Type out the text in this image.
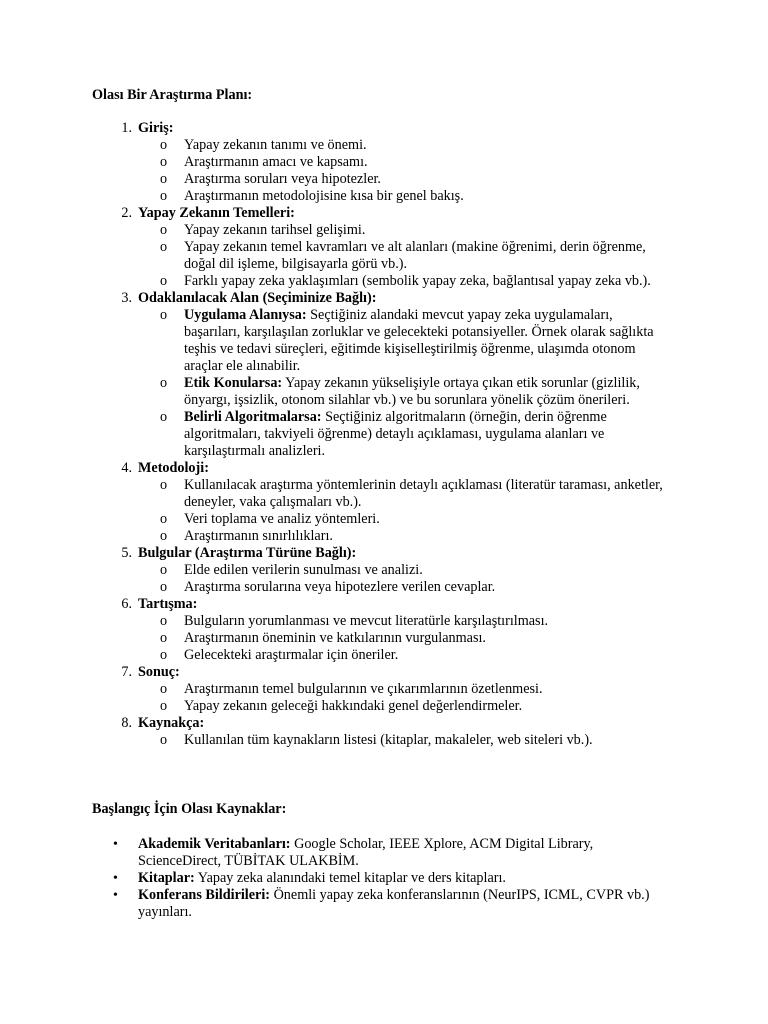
Olası Bir Araştırma Planı:
1. Giriş:
o Yapay zekanın tanımı ve önemi.
o Araştırmanın amacı ve kapsamı.
o Araştırma soruları veya hipotezler.
o Araştırmanın metodolojisine kısa bir genel bakış.
2. Yapay Zekanın Temelleri:
o Yapay zekanın tarihsel gelişimi.
o Yapay zekanın temel kavramları ve alt alanları (makine öğrenimi, derin öğrenme, doğal dil işleme, bilgisayarla görü vb.).
o Farklı yapay zeka yaklaşımları (sembolik yapay zeka, bağlantısal yapay zeka vb.).
3. Odaklanılacak Alan (Seçiminize Bağlı):
o Uygulama Alanıysa: Seçtiğiniz alandaki mevcut yapay zeka uygulamaları, başarıları, karşılaşılan zorluklar ve gelecekteki potansiyeller. Örnek olarak sağlıkta teşhis ve tedavi süreçleri, eğitimde kişiselleştirilmiş öğrenme, ulaşımda otonom araçlar ele alınabilir.
o Etik Konularsa: Yapay zekanın yükselişiyle ortaya çıkan etik sorunlar (gizlilik, önyargı, işsizlik, otonom silahlar vb.) ve bu sorunlara yönelik çözüm önerileri.
o Belirli Algoritmalarsa: Seçtiğiniz algoritmaların (örneğin, derin öğrenme algoritmaları, takviyeli öğrenme) detaylı açıklaması, uygulama alanları ve karşılaştırmalı analizleri.
4. Metodoloji:
o Kullanılacak araştırma yöntemlerinin detaylı açıklaması (literatür taraması, anketler, deneyler, vaka çalışmaları vb.).
o Veri toplama ve analiz yöntemleri.
o Araştırmanın sınırlılıkları.
5. Bulgular (Araştırma Türüne Bağlı):
o Elde edilen verilerin sunulması ve analizi.
o Araştırma sorularına veya hipotezlere verilen cevaplar.
6. Tartışma:
o Bulguların yorumlanması ve mevcut literatürle karşılaştırılması.
o Araştırmanın öneminin ve katkılarının vurgulanması.
o Gelecekteki araştırmalar için öneriler.
7. Sonuç:
o Araştırmanın temel bulgularının ve çıkarımlarının özetlenmesi.
o Yapay zekanın geleceği hakkındaki genel değerlendirmeler.
8. Kaynakça:
o Kullanılan tüm kaynakların listesi (kitaplar, makaleler, web siteleri vb.).
Başlangıç İçin Olası Kaynaklar:
• Akademik Veritabanları: Google Scholar, IEEE Xplore, ACM Digital Library, ScienceDirect, TÜBİTAK ULAKBİM.
• Kitaplar: Yapay zeka alanındaki temel kitaplar ve ders kitapları.
• Konferans Bildirileri: Önemli yapay zeka konferanslarının (NeurIPS, ICML, CVPR vb.) yayınları.
